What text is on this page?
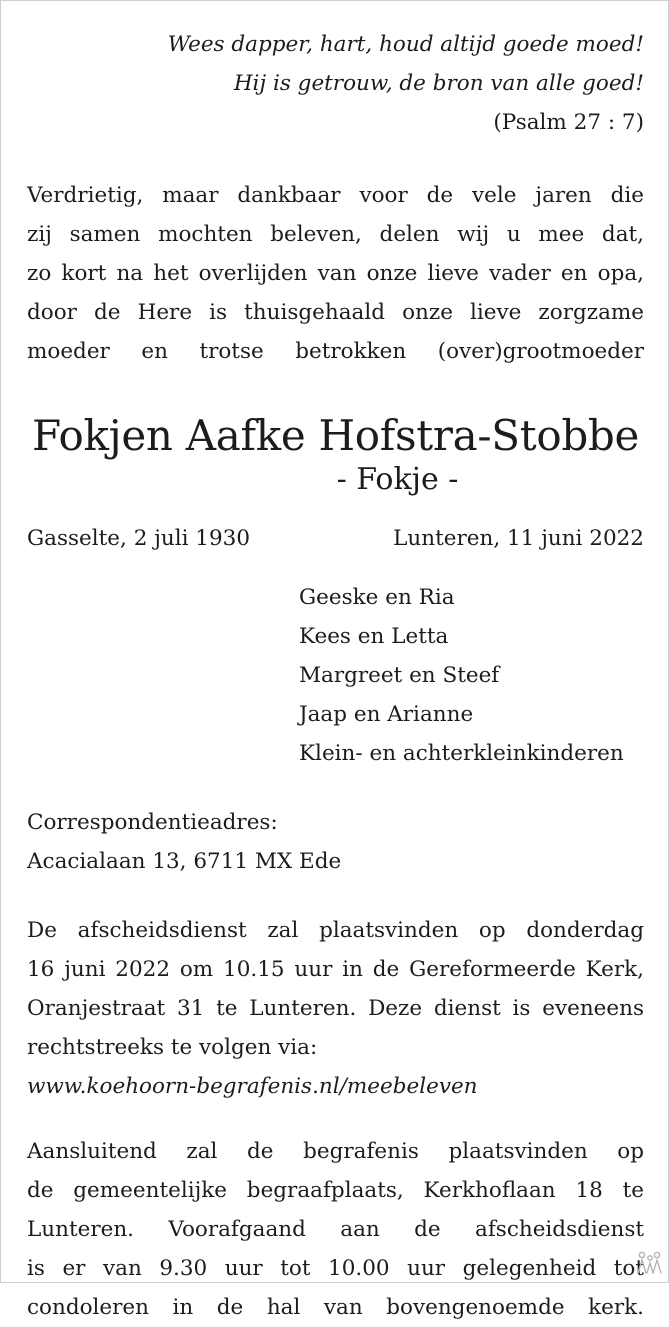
Wees dapper, hart, houd altijd goede moed!
Hij is getrouw, de bron van alle goed!
(Psalm 27 : 7)
Verdrietig, maar dankbaar voor de vele jaren die
zij samen mochten beleven, delen wij u mee dat,
zo kort na het overlijden van onze lieve vader en opa,
door de Here is thuisgehaald onze lieve zorgzame
moeder en trotse betrokken (over)grootmoeder
Fokjen Aafke Hofstra-Stobbe
- Fokje -
Gasselte, 2 juli 1930	Lunteren, 11 juni 2022
Geeske en Ria
Kees en Letta
Margreet en Steef
Jaap en Arianne
Klein- en achterkleinkinderen
Correspondentieadres:
Acacialaan 13, 6711 MX Ede
De afscheidsdienst zal plaatsvinden op donderdag
16 juni 2022 om 10.15 uur in de Gereformeerde Kerk,
Oranjestraat 31 te Lunteren. Deze dienst is eveneens
rechtstreeks te volgen via:
www.koehoorn-begrafenis.nl/meebeleven
Aansluitend zal de begrafenis plaatsvinden op
de gemeentelijke begraafplaats, Kerkhoflaan 18 te
Lunteren. Voorafgaand aan de afscheidsdienst
is er van 9.30 uur tot 10.00 uur gelegenheid tot
condoleren in de hal van bovengenoemde kerk.
